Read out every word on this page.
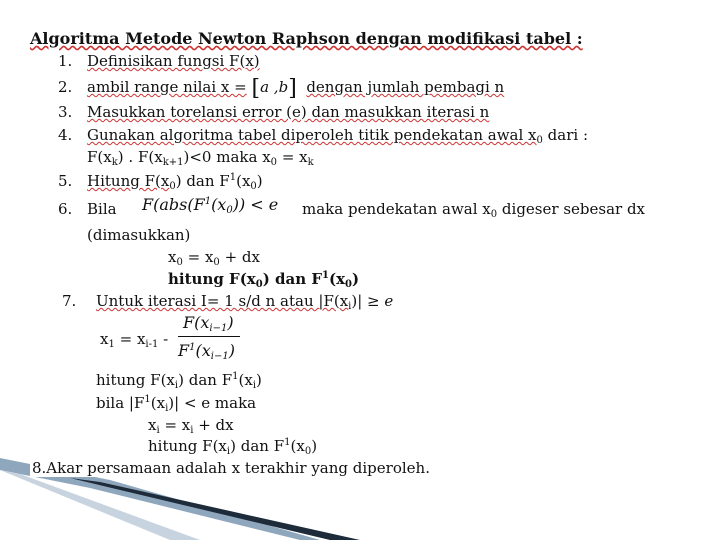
Algoritma Metode Newton Raphson dengan modifikasi tabel :
1. Definisikan fungsi F(x)
2. ambil range nilai x = [a ,b] dengan jumlah pembagi n
3. Masukkan torelansi error (e) dan masukkan iterasi n
4. Gunakan algoritma tabel diperoleh titik pendekatan awal $x_0$ dari :
$F(x_k)$ . $F(x_{k+1})<0$ maka $x_0 = x_k$
5. Hitung $F(x_0)$ dan $F^1(x_0)$
6. Bila $F(abs(F^1(x_0)) < e$ maka pendekatan awal $x_0$ digeser sebesar dx
(dimasukkan)
$x_0 = x_0$ + dx
hitung $F(x_0)$ dan $F^1(x_0)$
7. Untuk iterasi I= 1 s/d n atau $|F(x_i)| \ge e$
$x_1 = x_{i-1}$ -
$F(x_{i-1})$
$F^1(x_{i-1})$
hitung $F(x_i)$ dan $F^1(x_i)$
bila $|F^1(x_i)| < e$ maka
$x_i = x_i$ + dx
hitung $F(x_i)$ dan $F^1(x_0)$
8.Akar persamaan adalah x terakhir yang diperoleh.
